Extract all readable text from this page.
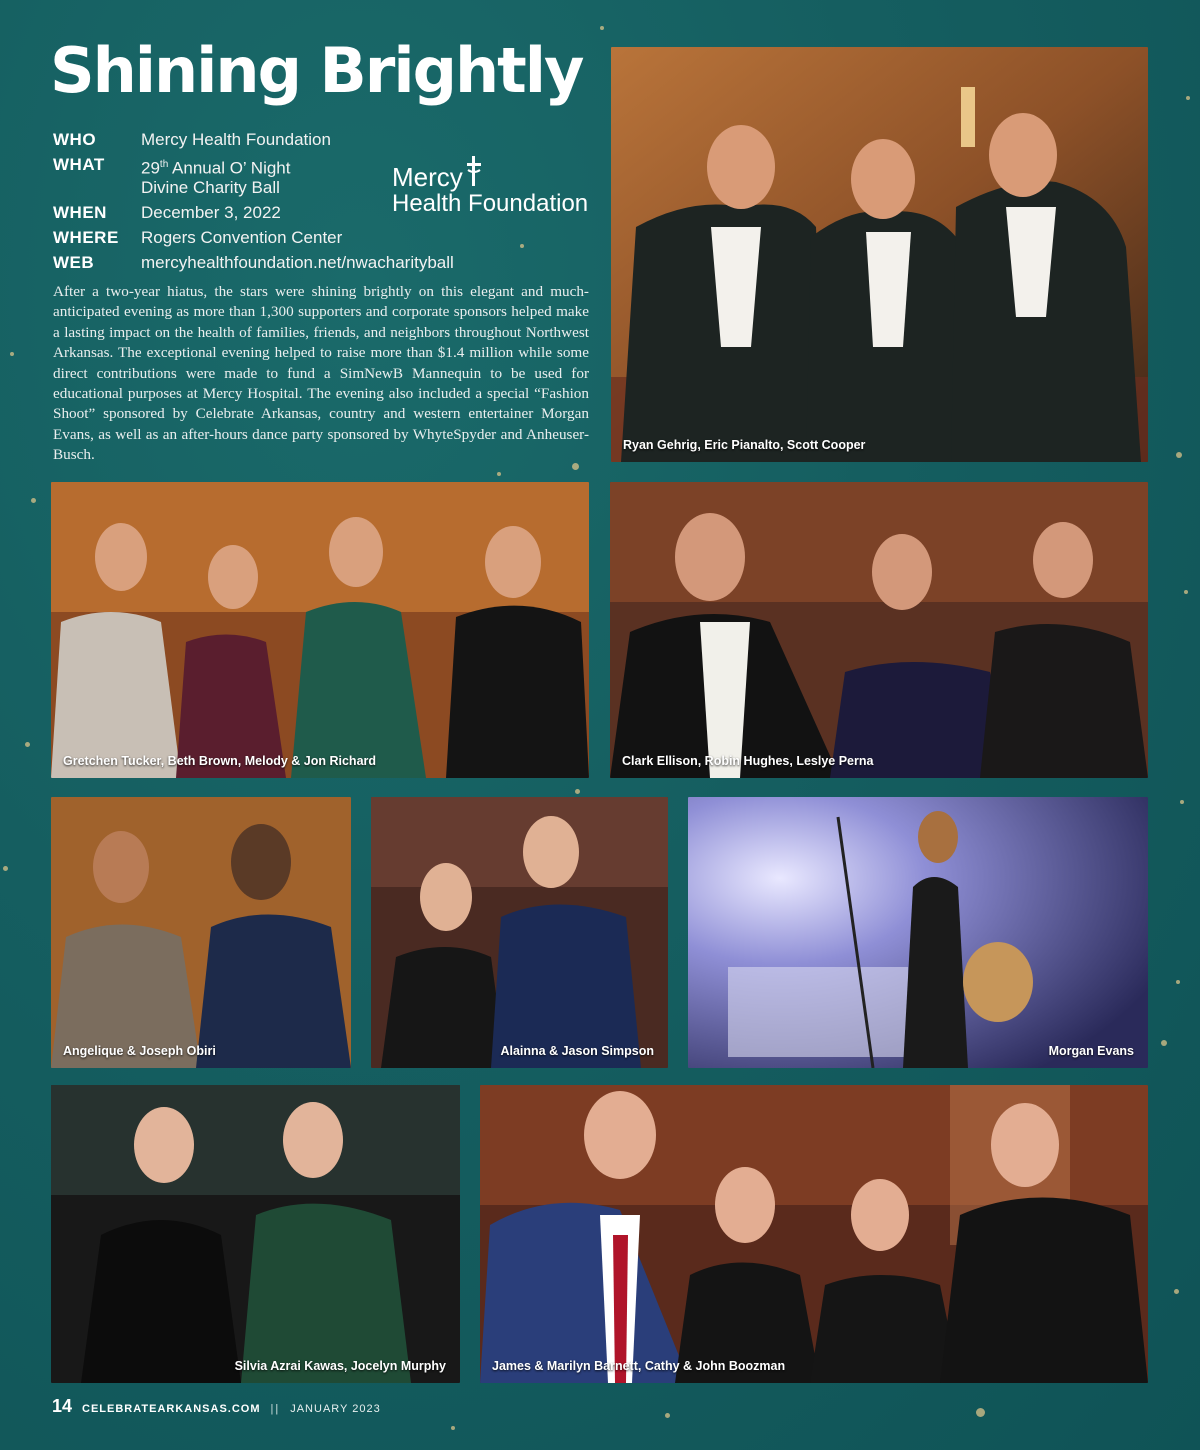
Shining Brightly
WHO	Mercy Health Foundation
WHAT	29th Annual O’ Night
Divine Charity Ball
WHEN	December 3, 2022
WHERE	Rogers Convention Center
WEB	mercyhealthfoundation.net/nwacharityball
Mercy
Health Foundation

After a two-year hiatus, the stars were shining brightly on this elegant and much-anticipated evening as more than 1,300 supporters and corporate sponsors helped make a lasting impact on the health of families, friends, and neighbors throughout Northwest Arkansas. The exceptional evening helped to raise more than $1.4 million while some direct contributions were made to fund a SimNewB Mannequin to be used for educational purposes at Mercy Hospital. The evening also included a special “Fashion Shoot” sponsored by Celebrate Arkansas, country and western entertainer Morgan Evans, as well as an after-hours dance party sponsored by WhyteSpyder and Anheuser-Busch.

Ryan Gehrig, Eric Pianalto, Scott Cooper
Gretchen Tucker, Beth Brown, Melody & Jon Richard	Clark Ellison, Robin Hughes, Leslye Perna
Angelique & Joseph Obiri	Alainna & Jason Simpson	Morgan Evans
Silvia Azrai Kawas, Jocelyn Murphy	James & Marilyn Barnett, Cathy & John Boozman
14 CELEBRATEARKANSAS.COM || JANUARY 2023
